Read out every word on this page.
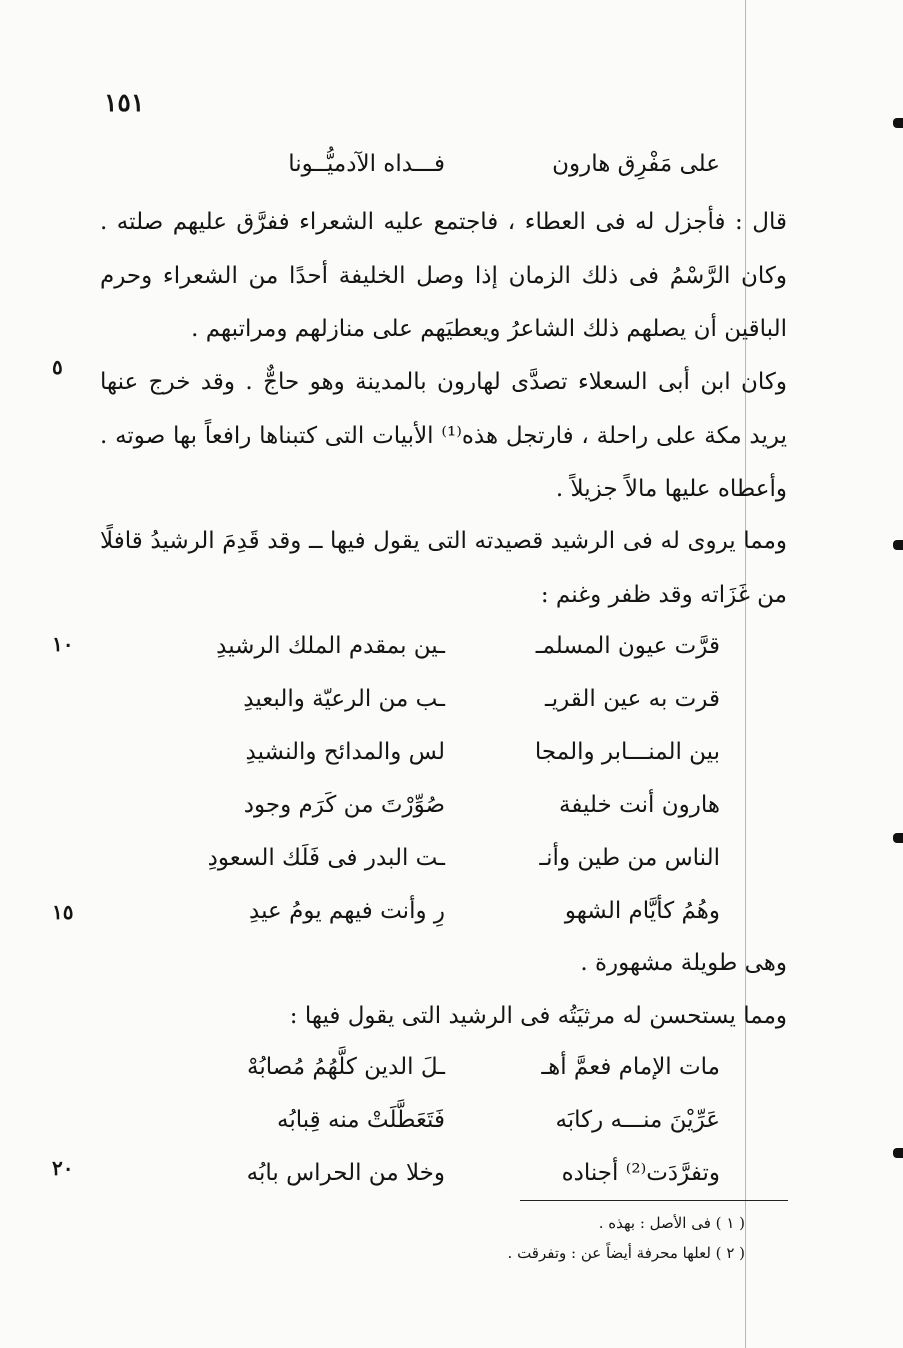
١٥١
على مَفْرِق هارون
فـــداه الآدميُّــونا

قال : فأجزل له فى العطاء ، فاجتمع عليه الشعراء ففرَّق عليهم صلته . وكان الرَّسْمُ فى ذلك الزمان إذا وصل الخليفة أحدًا من الشعراء وحرم الباقين أن يصلهم ذلك الشاعرُ ويعطيَهم على منازلهم ومراتبهم .

وكان ابن أبى السعلاء تصدَّى لهارون بالمدينة وهو حاجٌّ . وقد خرج عنها يريد مكة على راحلة ، فارتجل هذه⁽¹⁾ الأبيات التى كتبناها رافعاً بها صوته . وأعطاه عليها مالاً جزيلاً .

ومما يروى له فى الرشيد قصيدته التى يقول فيها ــ وقد قَدِمَ الرشيدُ قافلًا من غَزَاته وقد ظفر وغنم :

قرَّت عيون المسلمـ
ـين بمقدم الملك الرشيدِ
قرت به عين القريـ
ـب من الرعيّة والبعيدِ
بين المنـــابر والمجا
لس والمدائح والنشيدِ
هارون أنت خليفة
صُوِّرْتَ من كَرَم وجود
الناس من طين وأنـ
ـت البدر فى فَلَك السعودِ
وهُمُ كأيَّام الشهو
رِ وأنت فيهم يومُ عيدِ

وهى طويلة مشهورة .

ومما يستحسن له مرثيَتُه فى الرشيد التى يقول فيها :

مات الإمام فعمَّ أهـ
ـلَ الدين كلَّهُمُ مُصابُهْ
عَرِّيْنَ منـــه ركابَه
فَتَعَطَّلَتْ منه قِبابُه
وتفرَّدَت⁽²⁾ أجناده
وخلا من الحراس بابُه
٥
١٠
١٥
٢٠

( ١ ) فى الأصل : بهذه .

( ٢ ) لعلها محرفة أيضاً عن : وتفرقت .
